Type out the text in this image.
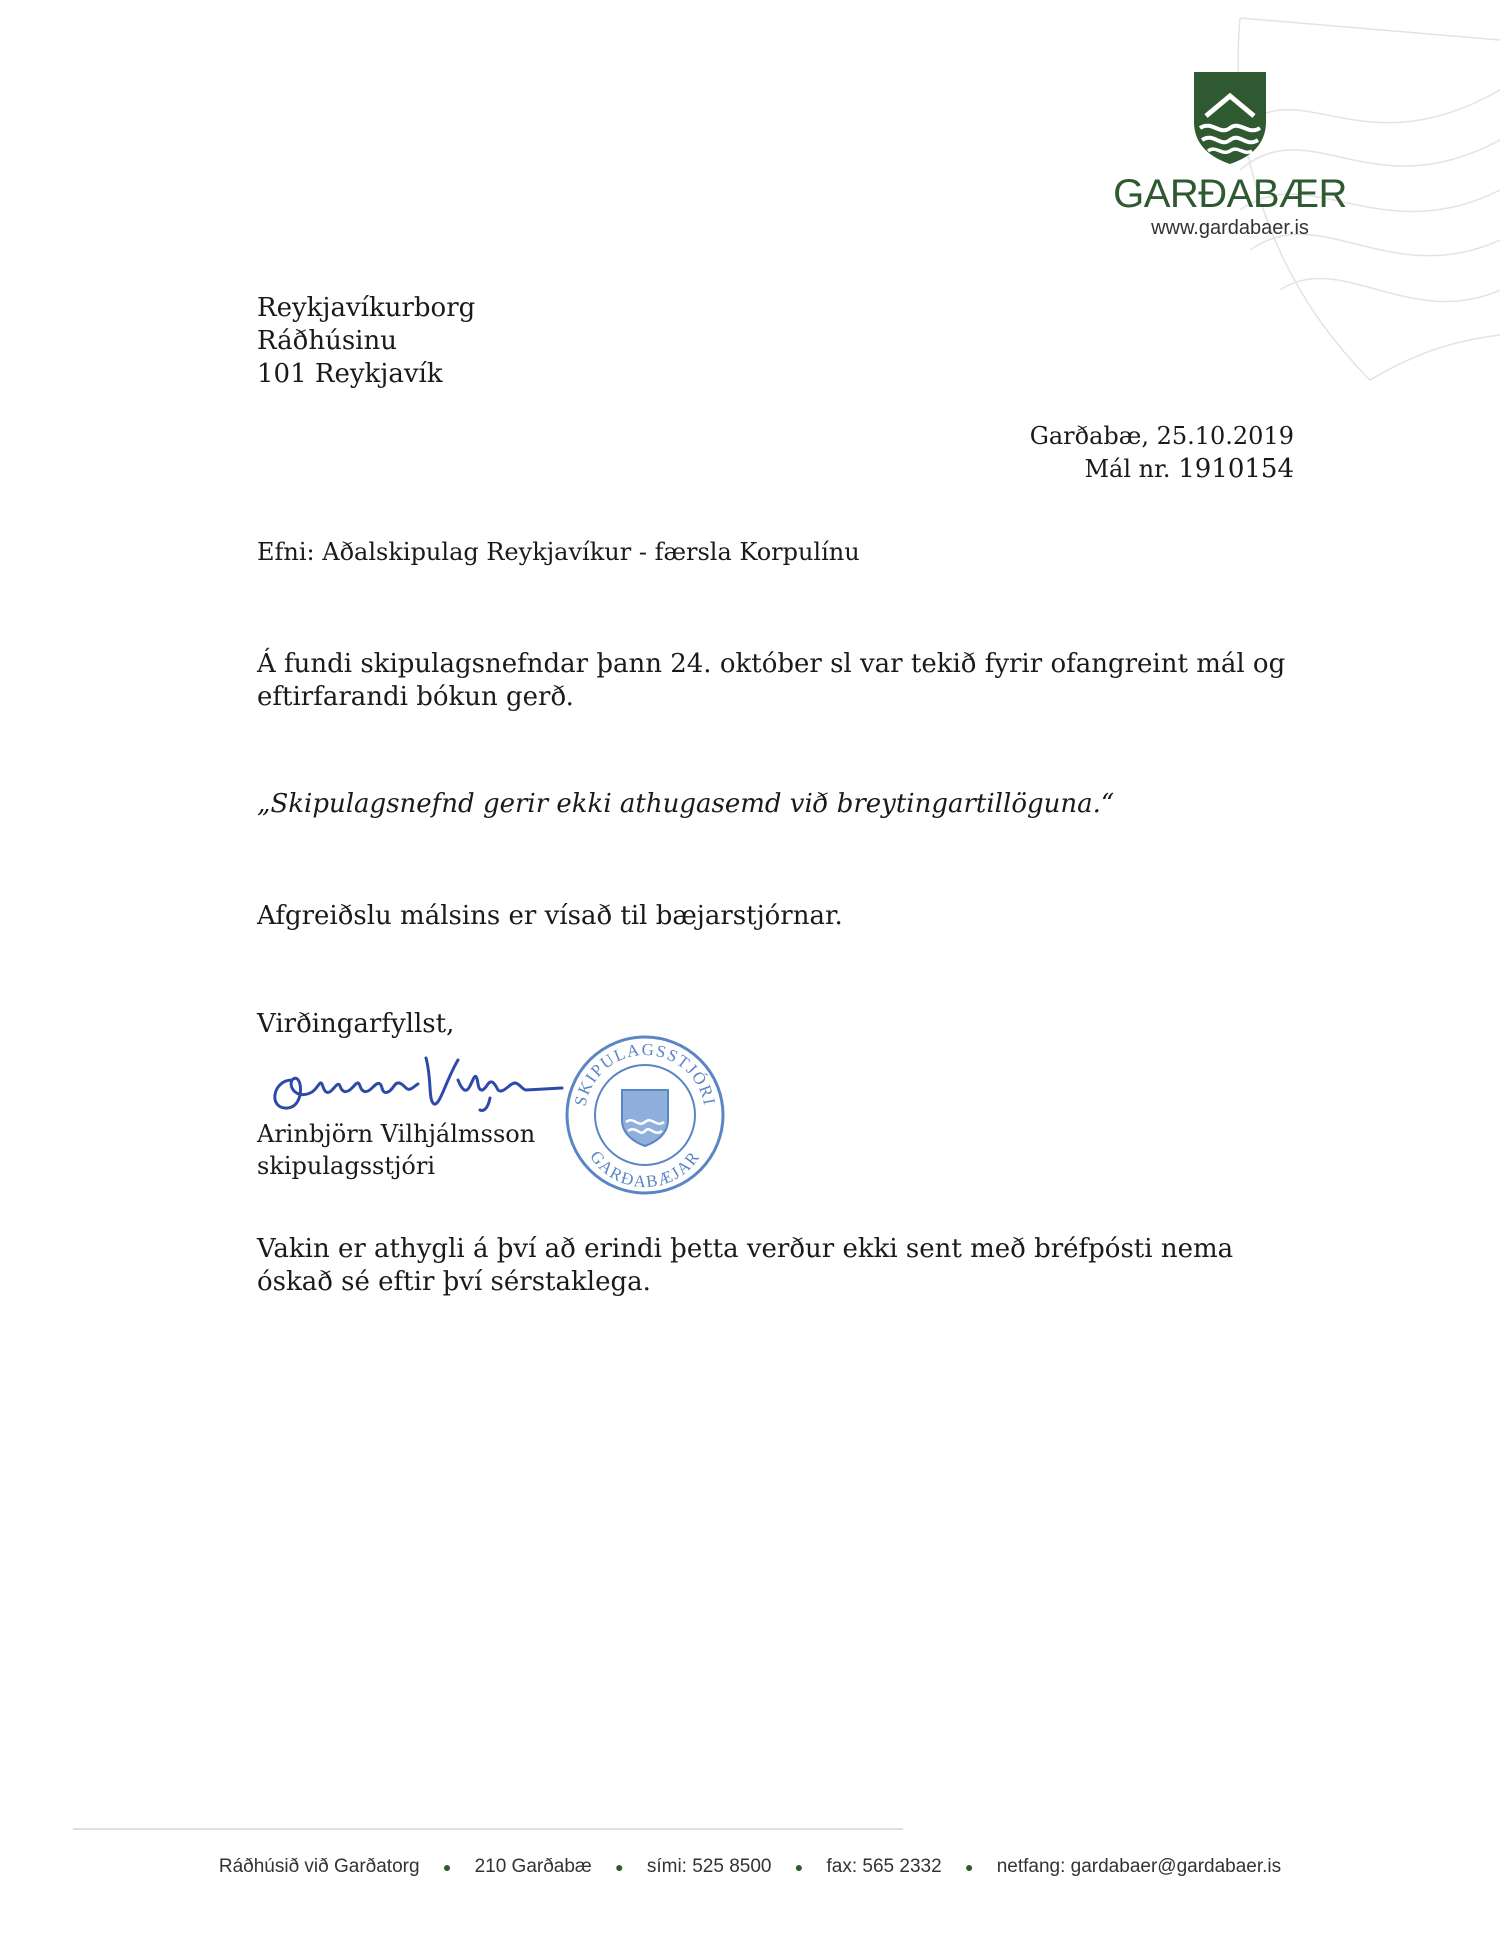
GARÐABÆR
www.gardabaer.is
Reykjavíkurborg
Ráðhúsinu
101 Reykjavík
Garðabæ, 25.10.2019
Mál nr. 1910154
Efni: Aðalskipulag Reykjavíkur - færsla Korpulínu
Á fundi skipulagsnefndar þann 24. október sl var tekið fyrir ofangreint mál og eftirfarandi bókun gerð.
„Skipulagsnefnd gerir ekki athugasemd við breytingartillöguna.“
Afgreiðslu málsins er vísað til bæjarstjórnar.
Virðingarfyllst,
Arinbjörn Vilhjálmsson
skipulagsstjóri
SKIPULAGSSTJÓRI
GARÐABÆJAR
Vakin er athygli á því að erindi þetta verður ekki sent með bréfpósti nema óskað sé eftir því sérstaklega.
Ráðhúsið við Garðatorg ● 210 Garðabæ ● sími: 525 8500 ● fax: 565 2332 ● netfang: gardabaer@gardabaer.is
